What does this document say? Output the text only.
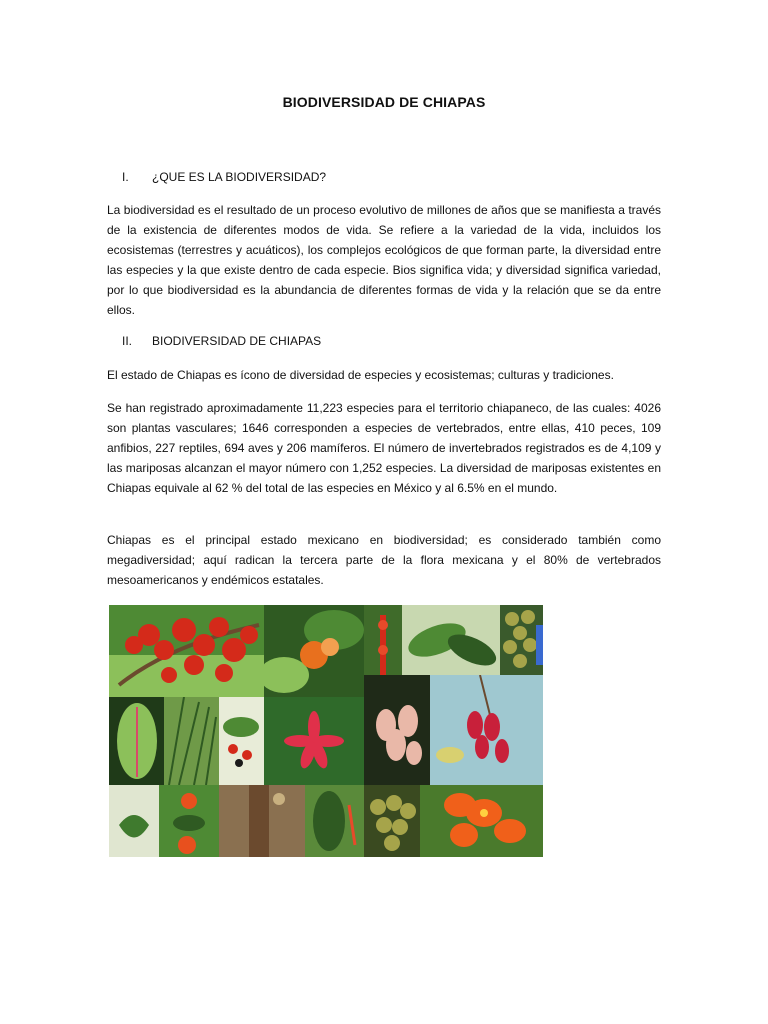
BIODIVERSIDAD DE CHIAPAS
I.	¿QUE ES LA BIODIVERSIDAD?

La biodiversidad es el resultado de un proceso evolutivo de millones de años que se manifiesta a través de la existencia de diferentes modos de vida. Se refiere a la variedad de la vida, incluidos los ecosistemas (terrestres y acuáticos), los complejos ecológicos de que forman parte, la diversidad entre las especies y la que existe dentro de cada especie. Bios significa vida; y diversidad significa variedad, por lo que biodiversidad es la abundancia de diferentes formas de vida y la relación que se da entre ellos.

II.	BIODIVERSIDAD DE CHIAPAS

El estado de Chiapas es ícono de diversidad de especies y ecosistemas; culturas y tradiciones.

Se han registrado aproximadamente 11,223 especies para el territorio chiapaneco, de las cuales: 4026 son plantas vasculares; 1646 corresponden a especies de vertebrados, entre ellas, 410 peces, 109 anfibios, 227 reptiles, 694 aves y 206 mamíferos. El número de invertebrados registrados es de 4,109 y las mariposas alcanzan el mayor número con 1,252 especies. La diversidad de mariposas existentes en Chiapas equivale al 62 % del total de las especies en México y al 6.5% en el mundo.

Chiapas es el principal estado mexicano en biodiversidad; es considerado también como megadiversidad; aquí radican la tercera parte de la flora mexicana y el 80% de vertebrados mesoamericanos y endémicos estatales.
